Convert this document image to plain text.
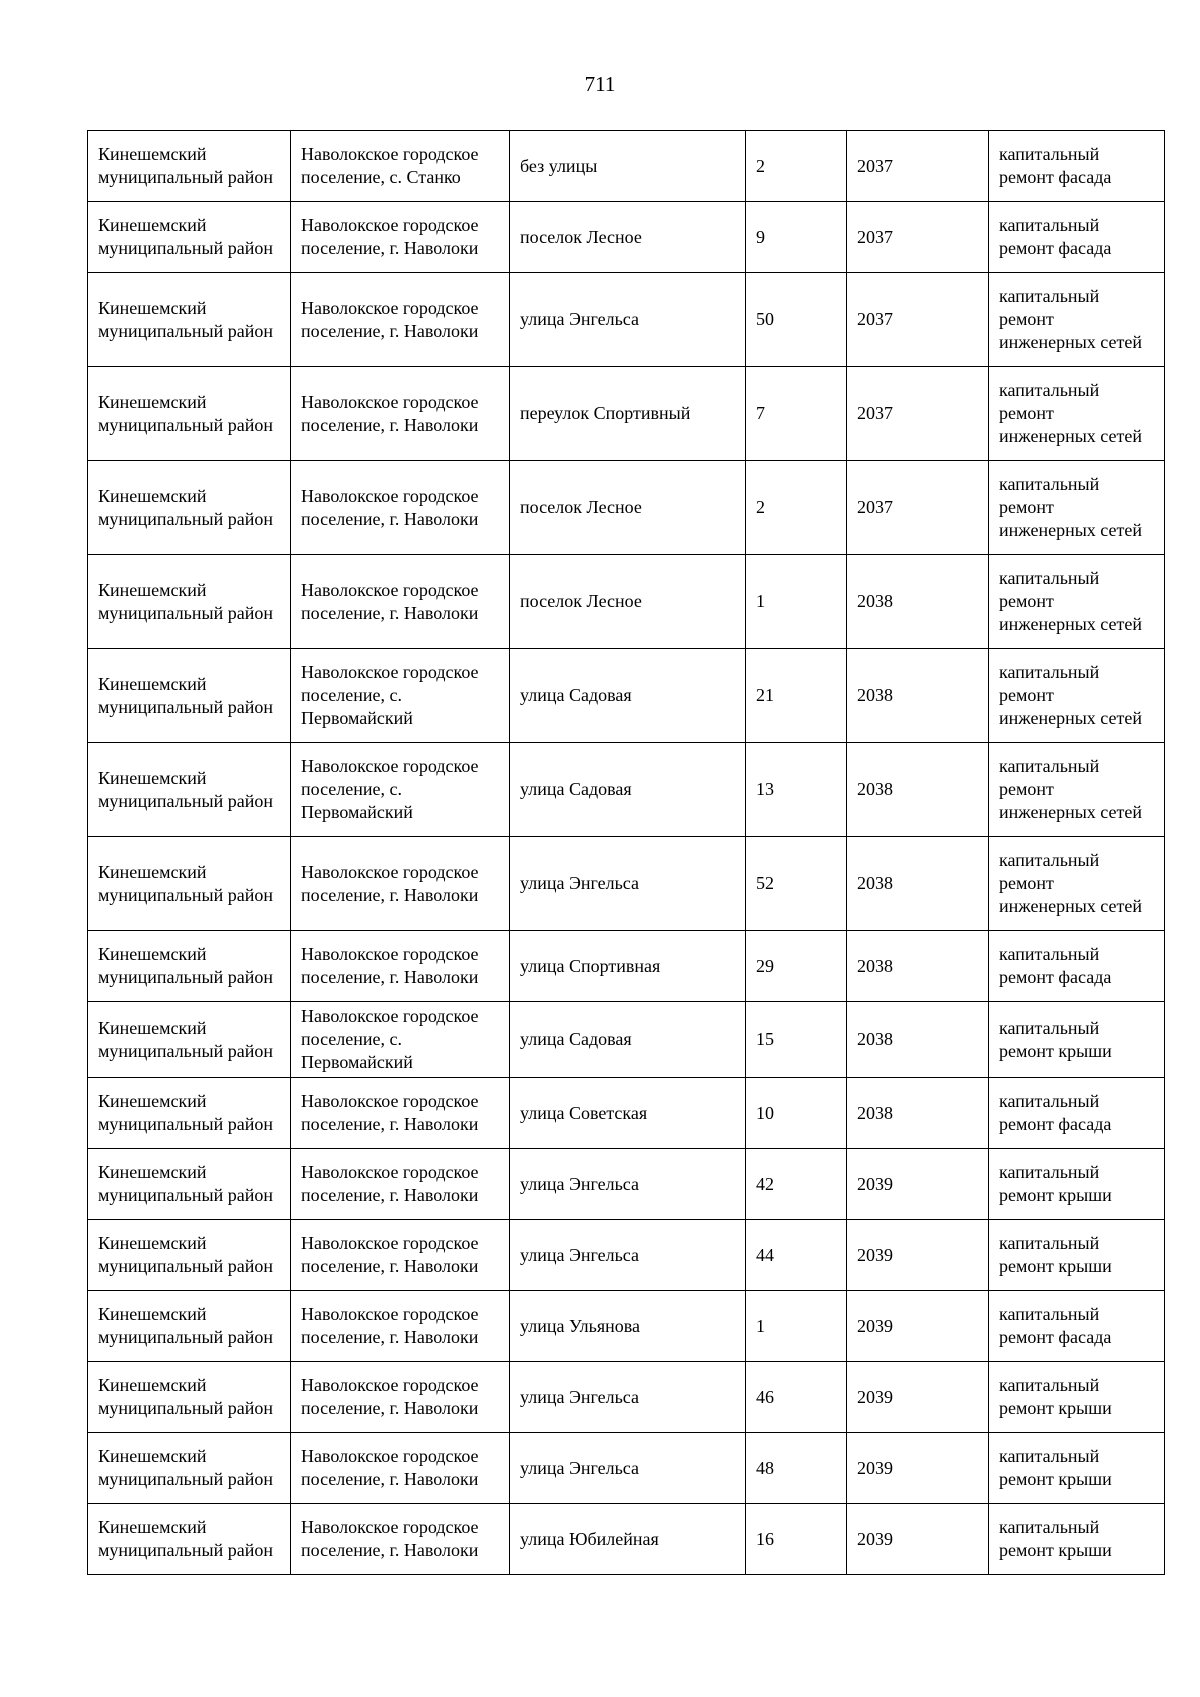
711
Кинешемский муниципальный район	Наволокское городское поселение, с. Станко	без улицы	2	2037	капитальный ремонт фасада

Кинешемский муниципальный район	Наволокское городское поселение, г. Наволоки	поселок Лесное	9	2037	капитальный ремонт фасада

Кинешемский муниципальный район	Наволокское городское поселение, г. Наволоки	улица Энгельса	50	2037	капитальный ремонт инженерных сетей

Кинешемский муниципальный район	Наволокское городское поселение, г. Наволоки	переулок Спортивный	7	2037	капитальный ремонт инженерных сетей

Кинешемский муниципальный район	Наволокское городское поселение, г. Наволоки	поселок Лесное	2	2037	капитальный ремонт инженерных сетей

Кинешемский муниципальный район	Наволокское городское поселение, г. Наволоки	поселок Лесное	1	2038	капитальный ремонт инженерных сетей

Кинешемский муниципальный район	Наволокское городское поселение, с. Первомайский	улица Садовая	21	2038	капитальный ремонт инженерных сетей

Кинешемский муниципальный район	Наволокское городское поселение, с. Первомайский	улица Садовая	13	2038	капитальный ремонт инженерных сетей

Кинешемский муниципальный район	Наволокское городское поселение, г. Наволоки	улица Энгельса	52	2038	капитальный ремонт инженерных сетей

Кинешемский муниципальный район	Наволокское городское поселение, г. Наволоки	улица Спортивная	29	2038	капитальный ремонт фасада

Кинешемский муниципальный район	Наволокское городское поселение, с. Первомайский	улица Садовая	15	2038	капитальный ремонт крыши

Кинешемский муниципальный район	Наволокское городское поселение, г. Наволоки	улица Советская	10	2038	капитальный ремонт фасада

Кинешемский муниципальный район	Наволокское городское поселение, г. Наволоки	улица Энгельса	42	2039	капитальный ремонт крыши

Кинешемский муниципальный район	Наволокское городское поселение, г. Наволоки	улица Энгельса	44	2039	капитальный ремонт крыши

Кинешемский муниципальный район	Наволокское городское поселение, г. Наволоки	улица Ульянова	1	2039	капитальный ремонт фасада

Кинешемский муниципальный район	Наволокское городское поселение, г. Наволоки	улица Энгельса	46	2039	капитальный ремонт крыши

Кинешемский муниципальный район	Наволокское городское поселение, г. Наволоки	улица Энгельса	48	2039	капитальный ремонт крыши

Кинешемский муниципальный район	Наволокское городское поселение, г. Наволоки	улица Юбилейная	16	2039	капитальный ремонт крыши
